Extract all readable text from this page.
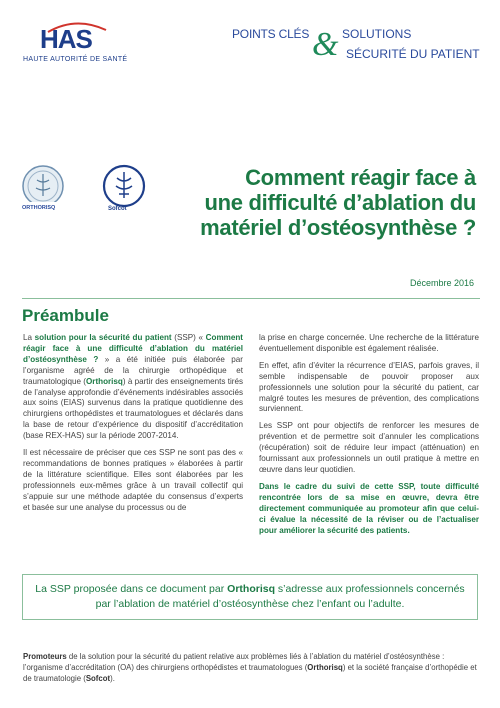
HAS
HAUTE AUTORITÉ DE SANTÉ
POINTS CLÉS & SOLUTIONS
SÉCURITÉ DU PATIENT
ORTHORISQ	Sofcot
Comment réagir face à
une difficulté d’ablation du
matériel d’ostéosynthèse ?
Décembre 2016
Préambule

La solution pour la sécurité du patient (SSP) « Comment réagir face à une difficulté d’ablation du matériel d’ostéosynthèse ? » a été initiée puis élaborée par l’organisme agréé de la chirurgie orthopédique et traumatologique (Orthorisq) à partir des enseignements tirés de l’analyse approfondie d’événements indésirables associés aux soins (EIAS) survenus dans la pratique quotidienne des chirurgiens orthopédistes et traumatologues et déclarés dans la base de retour d’expérience du dispositif d’accréditation (base REX-HAS) sur la période 2007-2014.

Il est nécessaire de préciser que ces SSP ne sont pas des « recommandations de bonnes pratiques » élaborées à partir de la littérature scientifique. Elles sont élaborées par les professionnels eux-mêmes grâce à un travail collectif qui s’appuie sur une méthode adaptée du consensus d’experts et basée sur une analyse du processus ou de

la prise en charge concernée. Une recherche de la littérature éventuellement disponible est également réalisée.

En effet, afin d’éviter la récurrence d’EIAS, parfois graves, il semble indispensable de pouvoir proposer aux professionnels une solution pour la sécurité du patient, car malgré toutes les mesures de prévention, des complications surviennent.

Les SSP ont pour objectifs de renforcer les mesures de prévention et de permettre soit d’annuler les complications (récupération) soit de réduire leur impact (atténuation) en fournissant aux professionnels un outil pratique à mettre en œuvre dans leur quotidien.

Dans le cadre du suivi de cette SSP, toute difficulté rencontrée lors de sa mise en œuvre, devra être directement communiquée au promoteur afin que celui-ci évalue la nécessité de la réviser ou de l’actualiser pour améliorer la sécurité des patients.

La SSP proposée dans ce document par Orthorisq s’adresse aux professionnels concernés
par l’ablation de matériel d’ostéosynthèse chez l’enfant ou l’adulte.
Promoteurs de la solution pour la sécurité du patient relative aux problèmes liés à l’ablation du matériel d’ostéosynthèse : l’organisme d’accréditation (OA) des chirurgiens orthopédistes et traumatologues (Orthorisq) et la société française d’orthopédie et de traumatologie (Sofcot).
